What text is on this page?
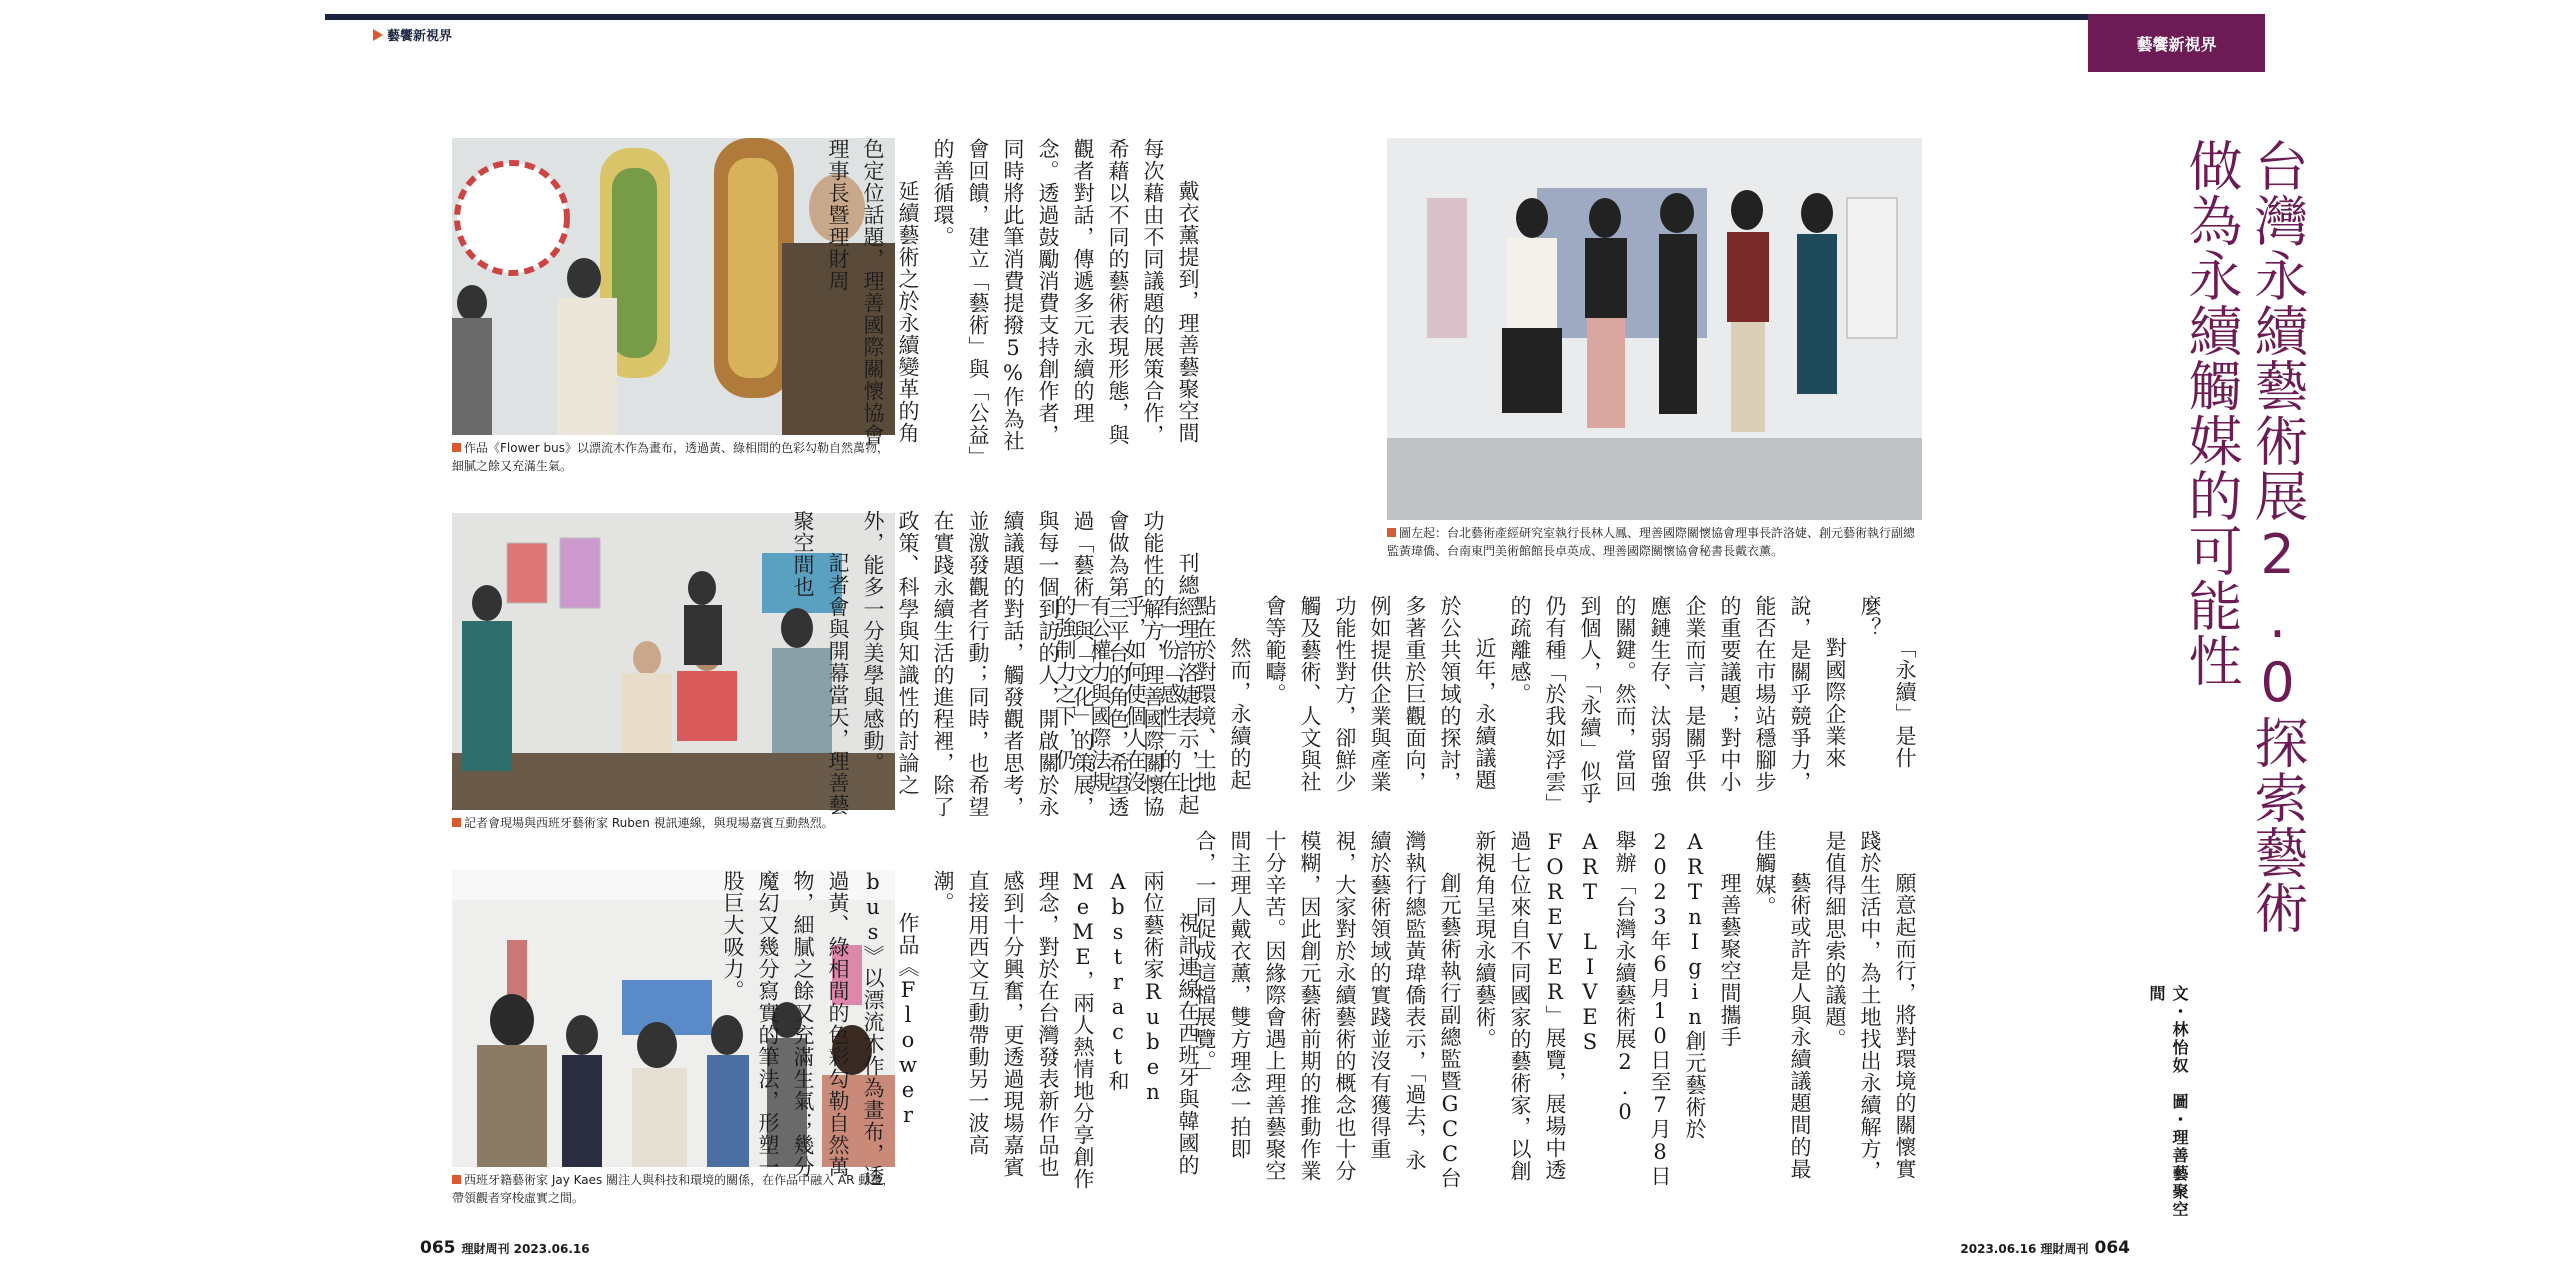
藝饗新視界	藝饗新視界
台灣永續藝術展2.0探索藝術做為永續觸媒的可能性
文・林怡奴　圖・理善藝聚空間
圖左起：台北藝術產經研究室執行長林人鳳、理善國際關懷協會理事長許洛婕、創元藝術執行副總監黃瑋僑、台南東門美術館館長卓英成、理善國際關懷協會秘書長戴衣薰。
作品《Flower bus》以漂流木作為畫布，透過黃、綠相間的色彩勾勒自然萬物，細膩之餘又充滿生氣。
記者會現場與西班牙藝術家 Ruben 視訊連線，與現場嘉賓互動熱烈。
西班牙籍藝術家 Jay Kaes 關注人與科技和環境的關係，在作品中融入 AR 動畫，帶領觀者穿梭虛實之間。

「永續」是什麼？

對國際企業來說，是關乎競爭力，能否在市場站穩腳步的重要議題；對中小企業而言，是關乎供應鏈生存、汰弱留強的關鍵。然而，當回到個人，「永續」似乎仍有種「於我如浮雲」的疏離感。

近年，永續議題於公共領域的探討，多著重於巨觀面向，例如提供企業與產業功能性對方，卻鮮少觸及藝術、人文與社會等範疇。

然而，永續的起點在於對環境、土地有一份「感性」的在乎，如何使個人在沒有公權力與國際法規的強制力之下，仍

願意起而行，將對環境的關懷實踐於生活中，為土地找出永續解方，是值得細思索的議題。

藝術或許是人與永續議題間的最佳觸媒。

理善藝聚空間攜手ARTnIgin創元藝術於2023年6月10日至7月8日舉辦「台灣永續藝術展2.0 ART LIVES FOREVER」展覽，展場中透過七位來自不同國家的藝術家，以創新視角呈現永續藝術。

創元藝術執行副總監暨GCC台灣執行總監黃瑋僑表示，「過去，永續於藝術領域的實踐並沒有獲得重視，大家對於永續藝術的概念也十分模糊，因此創元藝術前期的推動作業十分辛苦。因緣際會遇上理善藝聚空間主理人戴衣薰，雙方理念一拍即合，一同促成這檔展覽。」

戴衣薰提到，理善藝聚空間每次藉由不同議題的展策合作，希藉以不同的藝術表現形態，與觀者對話，傳遞多元永續的理念。透過鼓勵消費支持創作者，同時將此筆消費提撥5%作為社會回饋，建立「藝術」與「公益」的善循環。

延續藝術之於永續變革的角色定位話題，理善國際關懷協會理事長暨理財周

刊總經理許洛婕表示，比起功能性的解方，理善國際關懷協會做為第三平台的角色，希望透過「藝術」與「文化」的策展，與每一個到訪的人，開啟關於永續議題的對話，觸發觀者思考，並激發觀者行動；同時，也希望在實踐永續生活的進程裡，除了政策、科學與知識性的討論之外，能多一分美學與感動。

記者會與開幕當天，理善藝聚空間也

視訊連線在西班牙與韓國的兩位藝術家Ruben Abstract和MeME，兩人熱情地分享創作理念，對於在台灣發表新作品也感到十分興奮，更透過現場嘉賓直接用西文互動帶動另一波高潮。

作品《Flower bus》以漂流木作為畫布，透過黃、綠相間的色彩勾勒自然萬物，細膩之餘又充滿生氣；幾分魔幻又幾分寫實的筆法，形塑一股巨大吸力。

065 理財周刊 2023.06.16	2023.06.16 理財周刊 064
